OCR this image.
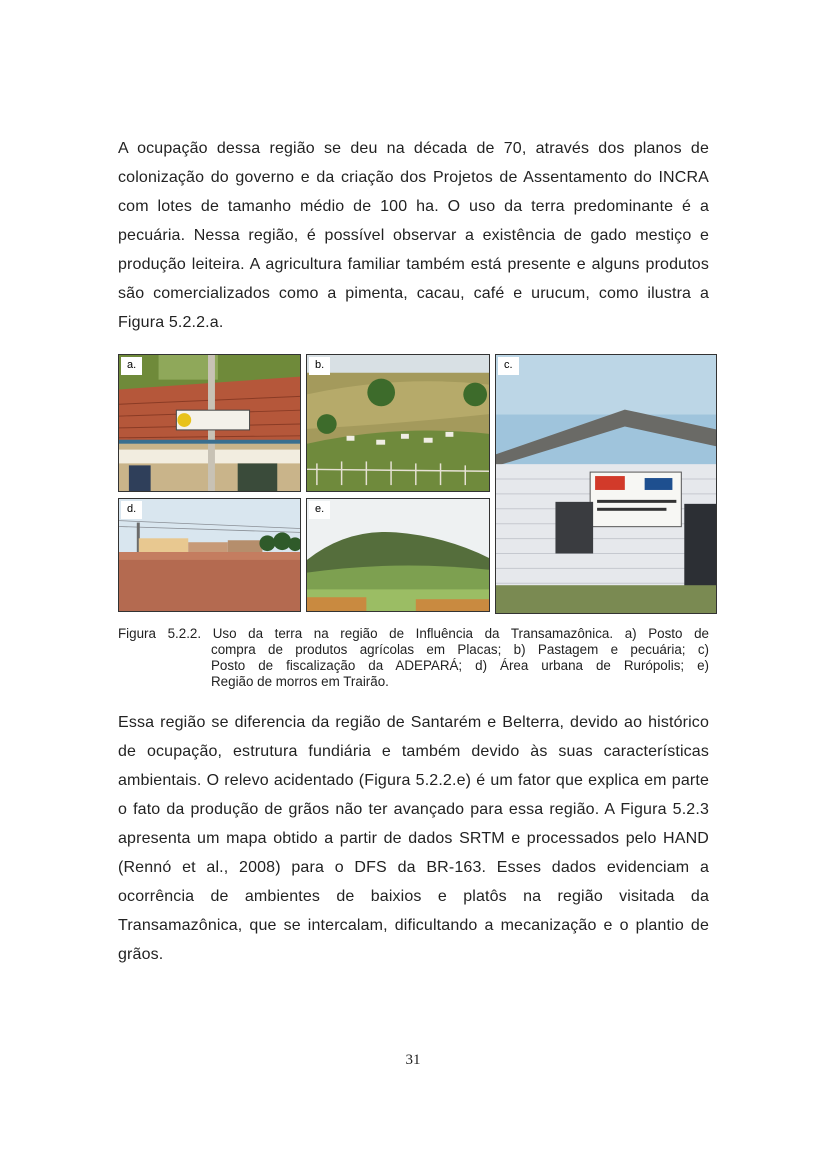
A ocupação dessa região se deu na década de 70, através dos planos de colonização do governo e da criação dos Projetos de Assentamento do INCRA com lotes de tamanho médio de 100 ha. O uso da terra predominante é a pecuária. Nessa região, é possível observar a existência de gado mestiço e produção leiteira. A agricultura familiar também está presente e alguns produtos são comercializados como a pimenta, cacau, café e urucum, como ilustra a Figura 5.2.2.a.

a.	b.	c.
d.	e.
Figura 5.2.2. Uso da terra na região de Influência da Transamazônica. a) Posto de
compra de produtos agrícolas em Placas; b) Pastagem e pecuária; c)
Posto de fiscalização da ADEPARÁ; d) Área urbana de Rurópolis; e)
Região de morros em Trairão.

Essa região se diferencia da região de Santarém e Belterra, devido ao histórico de ocupação, estrutura fundiária e também devido às suas características ambientais. O relevo acidentado (Figura 5.2.2.e) é um fator que explica em parte o fato da produção de grãos não ter avançado para essa região. A Figura 5.2.3 apresenta um mapa obtido a partir de dados SRTM e processados pelo HAND (Rennó et al., 2008) para o DFS da BR-163. Esses dados evidenciam a ocorrência de ambientes de baixios e platôs na região visitada da Transamazônica, que se intercalam, dificultando a mecanização e o plantio de grãos.

31
